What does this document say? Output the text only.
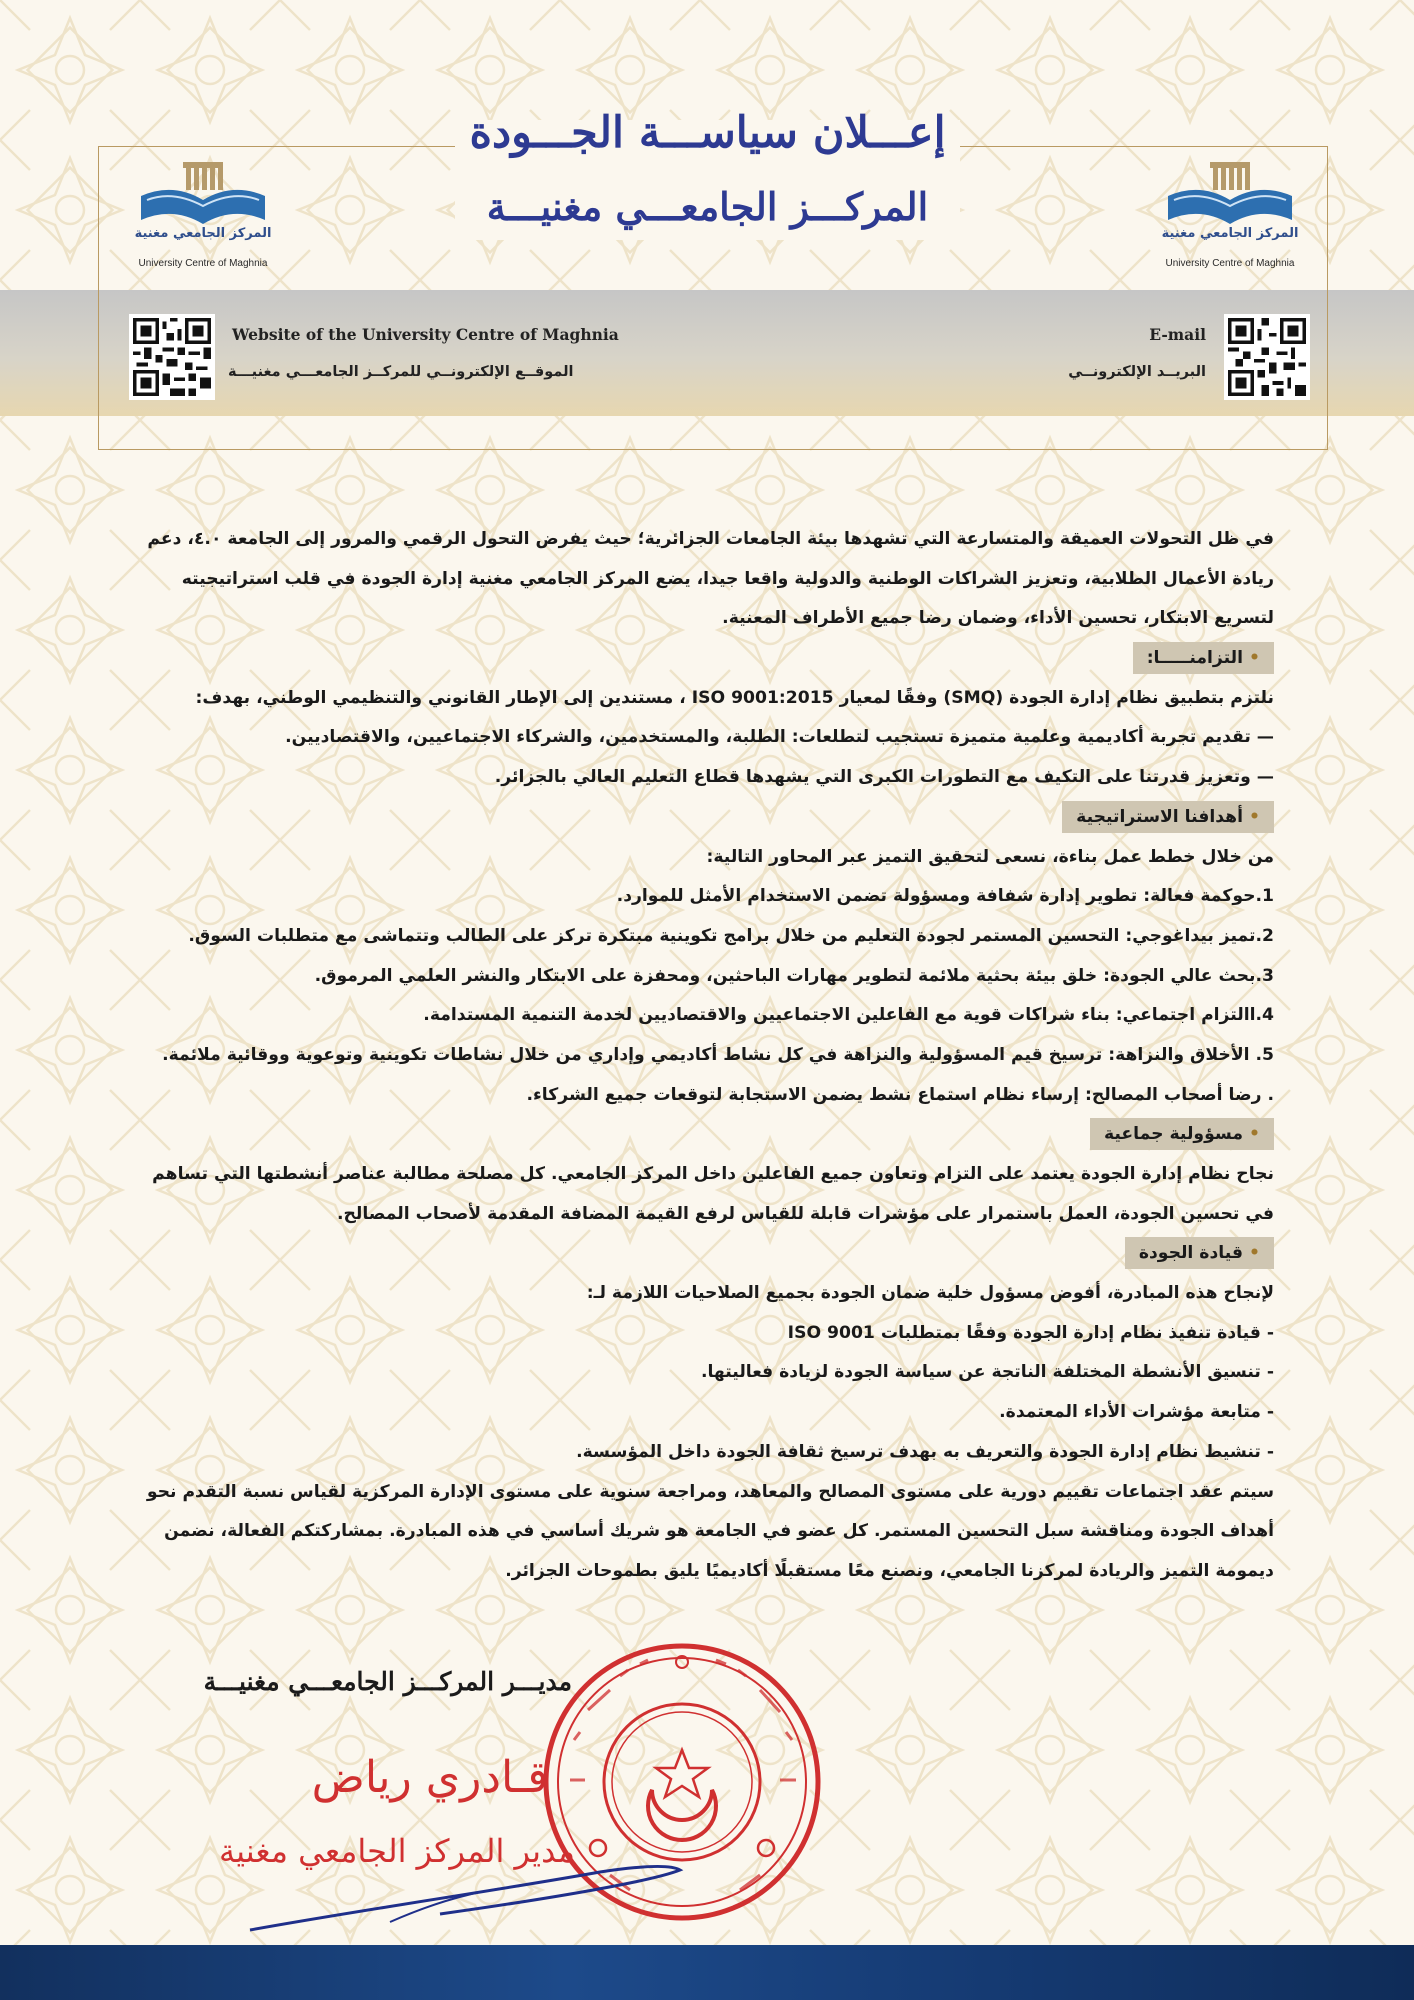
إعـــلان سياســـة الجـــودة
المركـــز الجامعـــي مغنيـــة
المركز الجامعي مغنية
University Centre of Maghnia
المركز الجامعي مغنية
University Centre of Maghnia
Website of the University Centre of Maghnia
الموقــع الإلكترونــي للمركــز الجامعـــي مغنيـــة
E-mail
البريــد الإلكترونــي
في ظل التحولات العميقة والمتسارعة التي تشهدها بيئة الجامعات الجزائرية؛ حيث يفرض التحول الرقمي والمرور إلى الجامعة ٤.٠، دعم
ريادة الأعمال الطلابية، وتعزيز الشراكات الوطنية والدولية واقعا جيدا، يضع المركز الجامعي مغنية إدارة الجودة في قلب استراتيجيته
لتسريع الابتكار، تحسين الأداء، وضمان رضا جميع الأطراف المعنية.
•التزامنـــــا:
نلتزم بتطبيق نظام إدارة الجودة (SMQ) وفقًا لمعيار ISO 9001:2015 ، مستندين إلى الإطار القانوني والتنظيمي الوطني، بهدف:
— تقديم تجربة أكاديمية وعلمية متميزة تستجيب لتطلعات: الطلبة، والمستخدمين، والشركاء الاجتماعيين، والاقتصاديين.
— وتعزيز قدرتنا على التكيف مع التطورات الكبرى التي يشهدها قطاع التعليم العالي بالجزائر.
•أهدافنا الاستراتيجية
من خلال خطط عمل بناءة، نسعى لتحقيق التميز عبر المحاور التالية:
1.حوكمة فعالة: تطوير إدارة شفافة ومسؤولة تضمن الاستخدام الأمثل للموارد.
2.تميز بيداغوجي: التحسين المستمر لجودة التعليم من خلال برامج تكوينية مبتكرة تركز على الطالب وتتماشى مع متطلبات السوق.
3.بحث عالي الجودة: خلق بيئة بحثية ملائمة لتطوير مهارات الباحثين، ومحفزة على الابتكار والنشر العلمي المرموق.
4.االتزام اجتماعي: بناء شراكات قوية مع الفاعلين الاجتماعيين والاقتصاديين لخدمة التنمية المستدامة.
5. الأخلاق والنزاهة: ترسيخ قيم المسؤولية والنزاهة في كل نشاط أكاديمي وإداري من خلال نشاطات تكوينية وتوعوية ووقائية ملائمة.
. رضا أصحاب المصالح: إرساء نظام استماع نشط يضمن الاستجابة لتوقعات جميع الشركاء.
•مسؤولية جماعية
نجاح نظام إدارة الجودة يعتمد على التزام وتعاون جميع الفاعلين داخل المركز الجامعي. كل مصلحة مطالبة عناصر أنشطتها التي تساهم
في تحسين الجودة، العمل باستمرار على مؤشرات قابلة للقياس لرفع القيمة المضافة المقدمة لأصحاب المصالح.
•قيادة الجودة
لإنجاح هذه المبادرة، أفوض مسؤول خلية ضمان الجودة بجميع الصلاحيات اللازمة لـ:
- قيادة تنفيذ نظام إدارة الجودة وفقًا بمتطلبات ISO 9001
- تنسيق الأنشطة المختلفة الناتجة عن سياسة الجودة لزيادة فعاليتها.
- متابعة مؤشرات الأداء المعتمدة.
- تنشيط نظام إدارة الجودة والتعريف به بهدف ترسيخ ثقافة الجودة داخل المؤسسة.
سيتم عقد اجتماعات تقييم دورية على مستوى المصالح والمعاهد، ومراجعة سنوية على مستوى الإدارة المركزية لقياس نسبة التقدم نحو
أهداف الجودة ومناقشة سبل التحسين المستمر. كل عضو في الجامعة هو شريك أساسي في هذه المبادرة. بمشاركتكم الفعالة، نضمن
ديمومة التميز والريادة لمركزنا الجامعي، ونصنع معًا مستقبلًا أكاديميًا يليق بطموحات الجزائر.
مديـــر المركـــز الجامعـــي مغنيـــة
قـادري رياض
مدير المركز الجامعي مغنية
